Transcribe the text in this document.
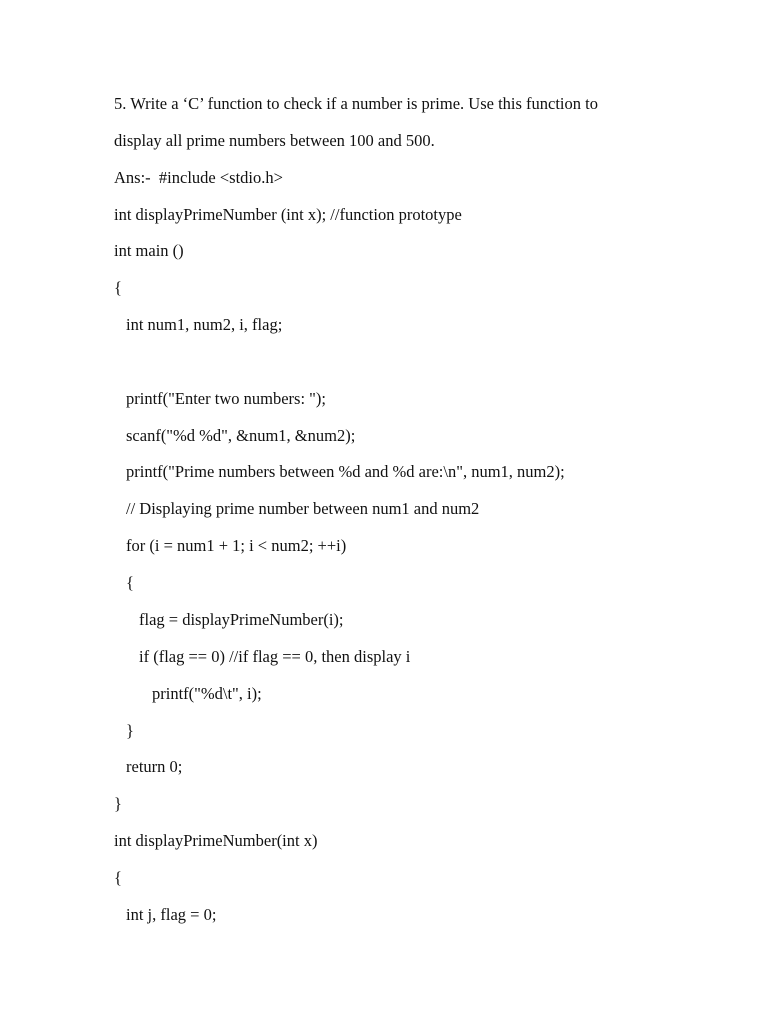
5. Write a ‘C’ function to check if a number is prime. Use this function to
display all prime numbers between 100 and 500.
Ans:-  #include <stdio.h>
int displayPrimeNumber (int x); //function prototype
int main ()
{
int num1, num2, i, flag;
printf("Enter two numbers: ");
scanf("%d %d", &num1, &num2);
printf("Prime numbers between %d and %d are:\n", num1, num2);
// Displaying prime number between num1 and num2
for (i = num1 + 1; i < num2; ++i)
{
flag = displayPrimeNumber(i);
if (flag == 0) //if flag == 0, then display i
printf("%d\t", i);
}
return 0;
}
int displayPrimeNumber(int x)
{
int j, flag = 0;
